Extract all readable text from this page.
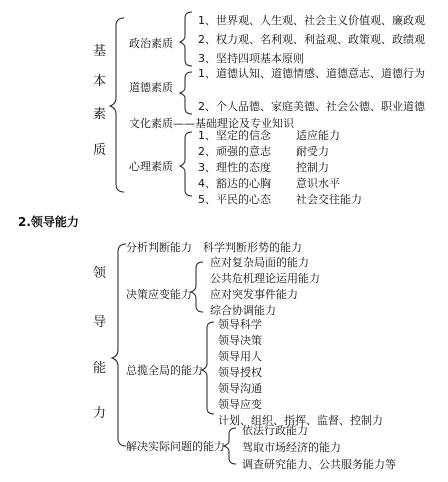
基
本
素
质
政治素质
1、世界观、人生观、社会主义价值观、廉政观
2、权力观、名利观、利益观、政策观、政绩观
3、坚持四项基本原则
道德素质
1、道德认知、道德情感、道德意志、道德行为
2、个人品德、家庭美德、社会公德、职业道德
文化素质——基础理论及专业知识
心理素质
1、坚定的信念 适应能力
2、顽强的意志 耐受力
3、理性的态度 控制力
4、豁达的心胸 意识水平
5、平民的心态 社会交往能力
2.领导能力
领
导
能
力
分析判断能力 科学判断形势的能力
决策应变能力
应对复杂局面的能力
公共危机理论运用能力
应对突发事件能力
综合协调能力
总揽全局的能力
领导科学
领导决策
领导用人
领导授权
领导沟通
领导应变
计划、组织、指挥、监督、控制力
解决实际问题的能力
依法行政能力
驾取市场经济的能力
调查研究能力、公共服务能力等
